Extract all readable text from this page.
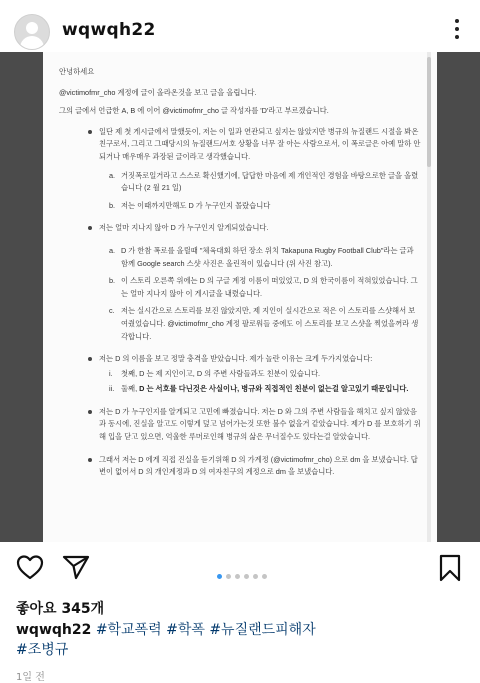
wqwqh22

안녕하세요

@victimofmr_cho 계정에 글이 올라온것을 보고 글을 올립니다.

그의 글에서 언급한 A, B 에 이어 @victimofmr_cho 글 작성자를 'D'라고 부르겠습니다.

일단 제 첫 게시글에서 말했듯이, 저는 이 일과 연관되고 싶지는 않았지만 병규의 뉴질랜드 시절을 봐온 친구로서, 그리고 그때당시의 뉴질랜드/서호 상황을 너무 잘 아는 사람으로서, 이 폭로글은 아예 말하 안되거나 매우매우 과장된 글이라고 생각했습니다.
a. 거짓폭로일거라고 스스로 확신했기에, 답답한 마음에 제 개인적인 경험을 바탕으로한 글을 올렸습니다 (2 월 21 일)
b. 저는 이때까지만해도 D 가 누구인지 몰랐습니다
저는 얼마 지나지 않아 D 가 누구인지 알게되었습니다.
a. D 가 한참 폭로를 올릴때 "체육대회 하던 장소 위치 Takapuna Rugby Football Club"라는 글과 함께 Google search 스샷 사진은 올린적이 있습니다 (위 사진 참고).
b. 이 스토리 오른쪽 위에는 D 의 구글 계정 이름이 떠있었고, D 의 한국이름이 적혀있었습니다. 그는 얼마 지나지 않아 이 게시글을 내렸습니다.
c. 저는 실시간으로 스토리를 보진 않았지만, 제 지인이 실시간으로 적은 이 스토리를 스샷해서 보여줬었습니다. @victimofmr_cho 계정 팔로워들 중에도 이 스토리를 보고 스샷을 찍었을꺼라 생각합니다.
저는 D 의 이름을 보고 정말 충격을 받았습니다. 제가 놀란 이유는 크게 두가지였습니다:
i. 첫째, D 는 제 지인이고, D 의 주변 사람들과도 친분이 있습니다.
ii. 둘째, D 는 서호를 다닌것은 사실이나, 병규와 직접적인 친분이 없는걸 알고있기 때문입니다.
저는 D 가 누구인지를 알게되고 고민에 빠졌습니다. 저는 D 와 그의 주변 사람들을 해치고 싶지 않았음과 동시에, 진실을 알고도 이렇게 덮고 넘어가는것 또한 불수 없을거 같았습니다. 제가 D 를 보호하기 위해 입을 닫고 있으면, 억울한 루머로인해 병규의 삶은 무너질수도 있다는걸 알았습니다.
그래서 저는 D 에게 직접 진실을 듣기위해 D 의 가계정 (@victimofmr_cho) 으로 dm 을 보냈습니다. 답변이 없어서 D 의 개인계정과 D 의 여자친구의 계정으로 dm 을 보냈습니다.
좋아요 345개
wqwqh22 #학교폭력 #학폭 #뉴질랜드피해자
#조병규
1일 전
